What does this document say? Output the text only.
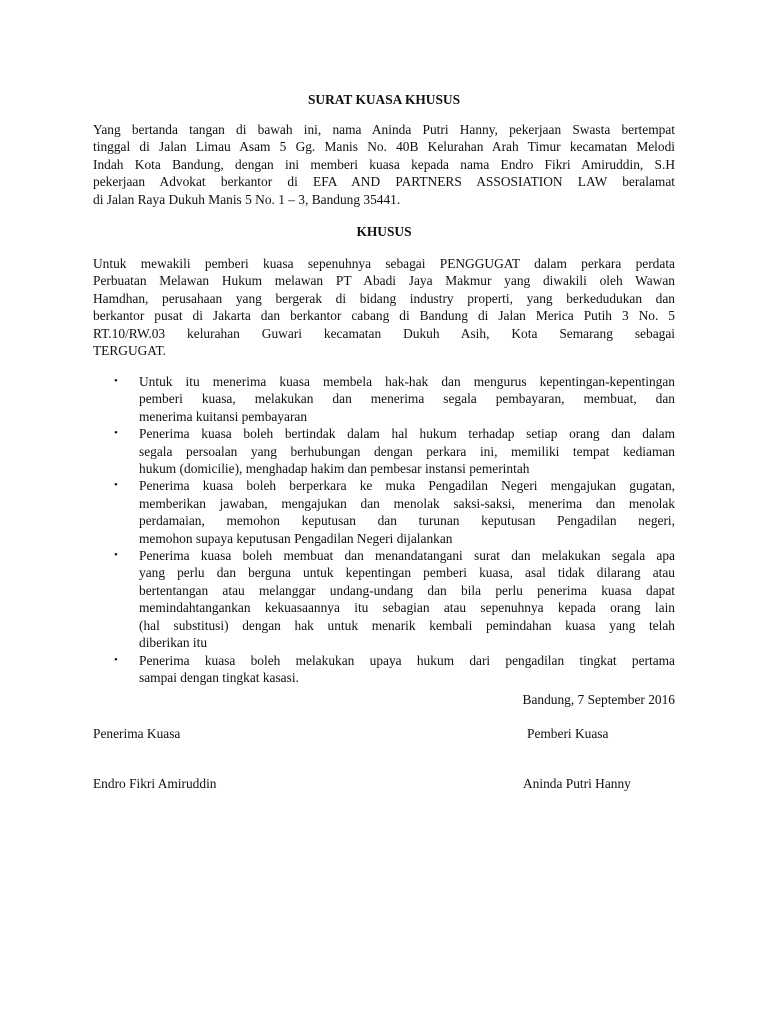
SURAT KUASA KHUSUS

Yang bertanda tangan di bawah ini, nama Aninda Putri Hanny, pekerjaan Swasta bertempat
tinggal di Jalan Limau Asam 5 Gg. Manis No. 40B Kelurahan Arah Timur kecamatan Melodi
Indah Kota Bandung, dengan ini memberi kuasa kepada nama Endro Fikri Amiruddin, S.H
pekerjaan Advokat berkantor di EFA AND PARTNERS ASSOSIATION LAW beralamat
di Jalan Raya Dukuh Manis 5 No. 1 – 3, Bandung 35441.

KHUSUS

Untuk mewakili pemberi kuasa sepenuhnya sebagai PENGGUGAT dalam perkara perdata
Perbuatan Melawan Hukum melawan PT Abadi Jaya Makmur yang diwakili oleh Wawan
Hamdhan, perusahaan yang bergerak di bidang industry properti, yang berkedudukan dan
berkantor pusat di Jakarta dan berkantor cabang di Bandung di Jalan Merica Putih 3 No. 5
RT.10/RW.03 kelurahan Guwari kecamatan Dukuh Asih, Kota Semarang sebagai
TERGUGAT.
• Untuk itu menerima kuasa membela hak-hak dan mengurus kepentingan-kepentingan
pemberi kuasa, melakukan dan menerima segala pembayaran, membuat, dan
menerima kuitansi pembayaran
• Penerima kuasa boleh bertindak dalam hal hukum terhadap setiap orang dan dalam
segala persoalan yang berhubungan dengan perkara ini, memiliki tempat kediaman
hukum (domicilie), menghadap hakim dan pembesar instansi pemerintah
• Penerima kuasa boleh berperkara ke muka Pengadilan Negeri mengajukan gugatan,
memberikan jawaban, mengajukan dan menolak saksi-saksi, menerima dan menolak
perdamaian, memohon keputusan dan turunan keputusan Pengadilan negeri,
memohon supaya keputusan Pengadilan Negeri dijalankan
• Penerima kuasa boleh membuat dan menandatangani surat dan melakukan segala apa
yang perlu dan berguna untuk kepentingan pemberi kuasa, asal tidak dilarang atau
bertentangan atau melanggar undang-undang dan bila perlu penerima kuasa dapat
memindahtangankan kekuasaannya itu sebagian atau sepenuhnya kepada orang lain
(hal substitusi) dengan hak untuk menarik kembali pemindahan kuasa yang telah
diberikan itu
• Penerima kuasa boleh melakukan upaya hukum dari pengadilan tingkat pertama
sampai dengan tingkat kasasi.

Bandung, 7 September 2016

Penerima Kuasa	Pemberi Kuasa

Endro Fikri Amiruddin	Aninda Putri Hanny
